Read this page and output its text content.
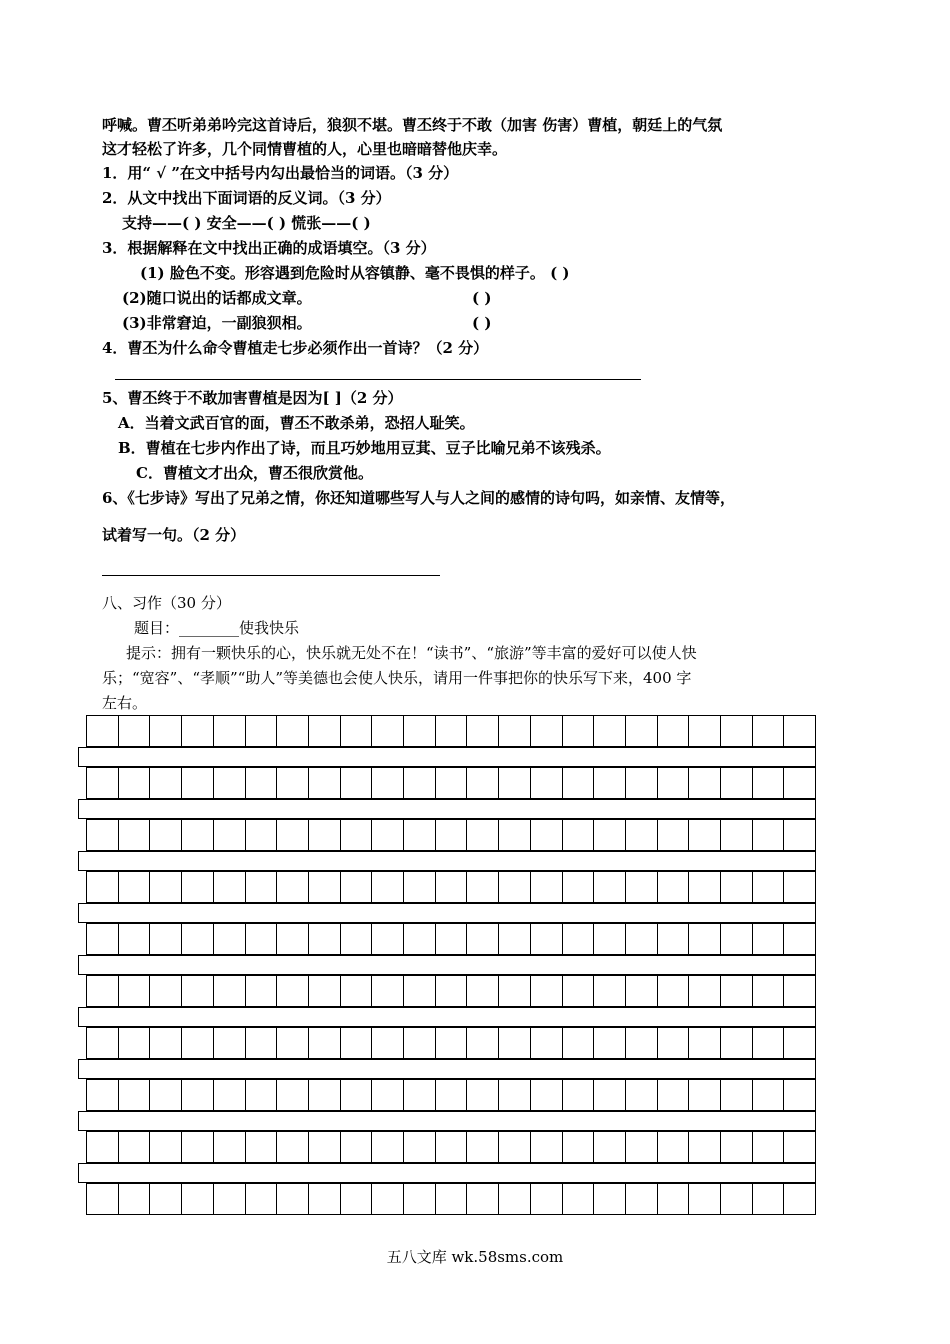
呼喊。曹丕听弟弟吟完这首诗后，狼狈不堪。曹丕终于不敢（加害 伤害）曹植，朝廷上的气氛
这才轻松了许多，几个同情曹植的人，心里也暗暗替他庆幸。
1．用“ √ ”在文中括号内勾出最恰当的词语。（3 分）
2．从文中找出下面词语的反义词。（3 分）
支持——( ) 安全——( ) 慌张——( )
3．根据解释在文中找出正确的成语填空。（3 分）
(1) 脸色不变。形容遇到危险时从容镇静、毫不畏惧的样子。 ( )
(2)随口说出的话都成文章。	( )
(3)非常窘迫，一副狼狈相。	( )
4．曹丕为什么命令曹植走七步必须作出一首诗？（2 分）
5、曹丕终于不敢加害曹植是因为[ ]（2 分）
A．当着文武百官的面，曹丕不敢杀弟，恐招人耻笑。
B．曹植在七步内作出了诗，而且巧妙地用豆萁、豆子比喻兄弟不该残杀。
C．曹植文才出众，曹丕很欣赏他。
6、《七步诗》写出了兄弟之情，你还知道哪些写人与人之间的感情的诗句吗，如亲情、友情等，
试着写一句。（2 分）
八、习作（30 分）
题目：________使我快乐
提示：拥有一颗快乐的心，快乐就无处不在！“读书”、“旅游”等丰富的爱好可以使人快
乐；“宽容”、“孝顺”“助人”等美德也会使人快乐，请用一件事把你的快乐写下来，400 字
左右。
五八文库 wk.58sms.com
